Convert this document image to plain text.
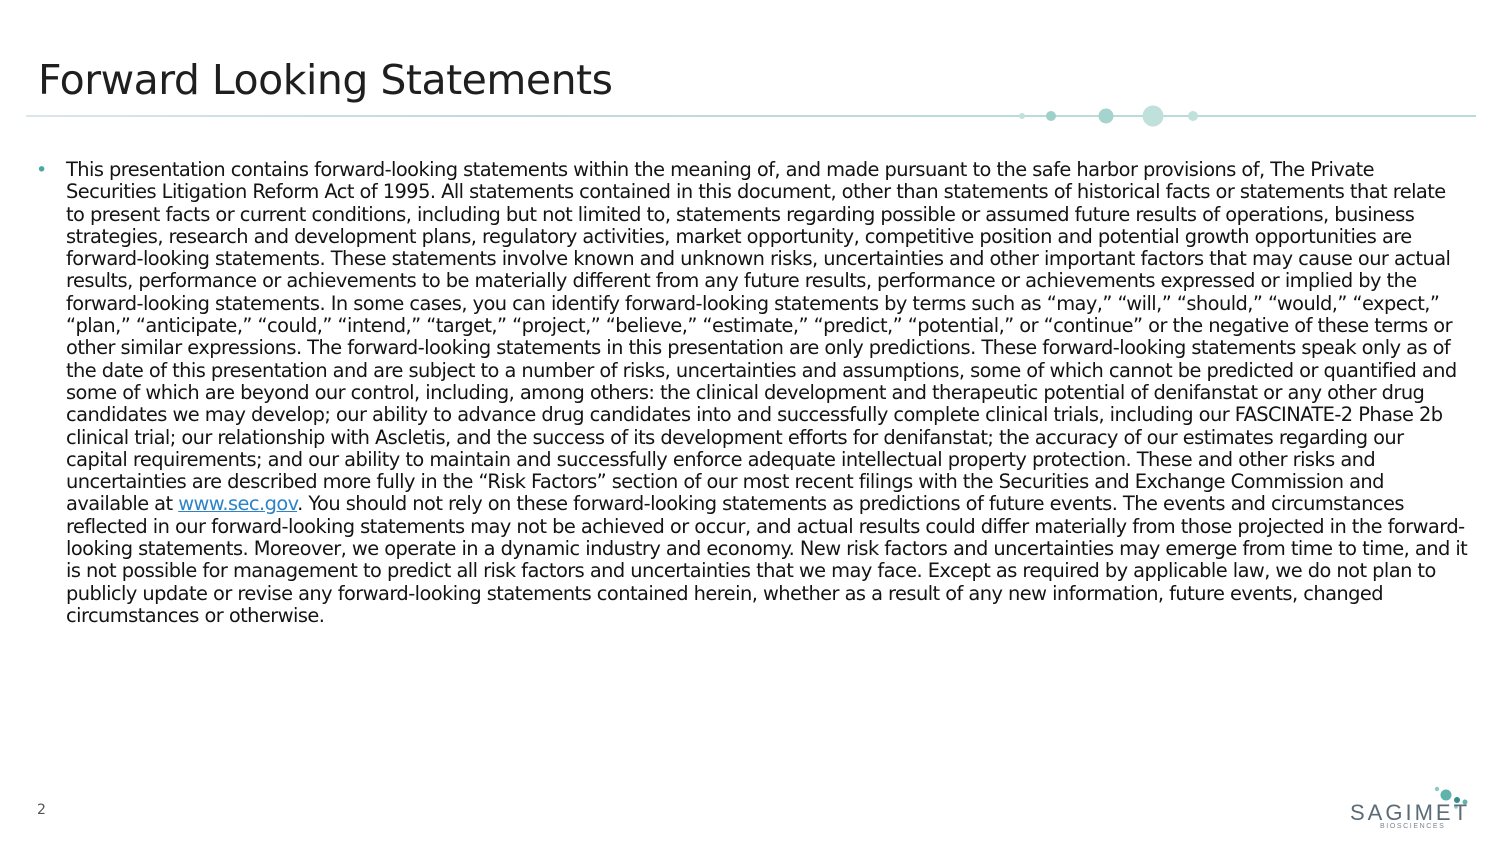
Forward Looking Statements
• This presentation contains forward-looking statements within the meaning of, and made pursuant to the safe harbor provisions of, The Private Securities Litigation Reform Act of 1995. All statements contained in this document, other than statements of historical facts or statements that relate to present facts or current conditions, including but not limited to, statements regarding possible or assumed future results of operations, business strategies, research and development plans, regulatory activities, market opportunity, competitive position and potential growth opportunities are forward-looking statements. These statements involve known and unknown risks, uncertainties and other important factors that may cause our actual results, performance or achievements to be materially different from any future results, performance or achievements expressed or implied by the forward-looking statements. In some cases, you can identify forward-looking statements by terms such as “may,” “will,” “should,” “would,” “expect,” “plan,” “anticipate,” “could,” “intend,” “target,” “project,” “believe,” “estimate,” “predict,” “potential,” or “continue” or the negative of these terms or other similar expressions. The forward-looking statements in this presentation are only predictions. These forward-looking statements speak only as of the date of this presentation and are subject to a number of risks, uncertainties and assumptions, some of which cannot be predicted or quantified and some of which are beyond our control, including, among others: the clinical development and therapeutic potential of denifanstat or any other drug candidates we may develop; our ability to advance drug candidates into and successfully complete clinical trials, including our FASCINATE-2 Phase 2b clinical trial; our relationship with Ascletis, and the success of its development efforts for denifanstat; the accuracy of our estimates regarding our capital requirements; and our ability to maintain and successfully enforce adequate intellectual property protection. These and other risks and uncertainties are described more fully in the “Risk Factors” section of our most recent filings with the Securities and Exchange Commission and available at www.sec.gov. You should not rely on these forward-looking statements as predictions of future events. The events and circumstances reflected in our forward-looking statements may not be achieved or occur, and actual results could differ materially from those projected in the forward-looking statements. Moreover, we operate in a dynamic industry and economy. New risk factors and uncertainties may emerge from time to time, and it is not possible for management to predict all risk factors and uncertainties that we may face. Except as required by applicable law, we do not plan to publicly update or revise any forward-looking statements contained herein, whether as a result of any new information, future events, changed circumstances or otherwise.

2	SAGIMET
BIOSCIENCES
